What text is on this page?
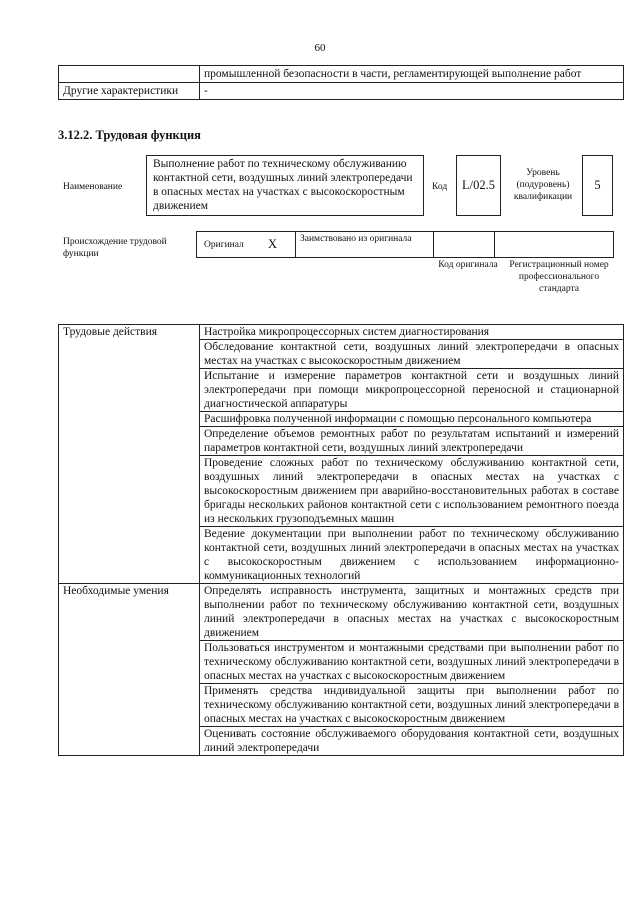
60
	промышленной безопасности в части, регламентирующей выполнение работ
Другие характеристики	-
3.12.2. Трудовая функция
Наименование
Выполнение работ по техническому обслуживанию контактной сети, воздушных линий электропередачи в опасных местах на участках с высокоскоростным движением
Код	L/02.5
Уровень (подуровень) квалификации
5
Происхождение трудовой функции
Оригинал X	Заимствовано из оригинала
Код оригинала	Регистрационный номер профессионального стандарта
Трудовые действия	Настройка микропроцессорных систем диагностирования
	Обследование контактной сети, воздушных линий электропередачи в опасных местах на участках с высокоскоростным движением
	Испытание и измерение параметров контактной сети и воздушных линий электропередачи при помощи микропроцессорной переносной и стационарной диагностической аппаратуры
	Расшифровка полученной информации с помощью персонального компьютера
	Определение объемов ремонтных работ по результатам испытаний и измерений параметров контактной сети, воздушных линий электропередачи
	Проведение сложных работ по техническому обслуживанию контактной сети, воздушных линий электропередачи в опасных местах на участках с высокоскоростным движением при аварийно-восстановительных работах в составе бригады нескольких районов контактной сети с использованием ремонтного поезда из нескольких грузоподъемных машин
	Ведение документации при выполнении работ по техническому обслуживанию контактной сети, воздушных линий электропередачи в опасных местах на участках с высокоскоростным движением с использованием информационно-коммуникационных технологий
Необходимые умения	Определять исправность инструмента, защитных и монтажных средств при выполнении работ по техническому обслуживанию контактной сети, воздушных линий электропередачи в опасных местах на участках с высокоскоростным движением
	Пользоваться инструментом и монтажными средствами при выполнении работ по техническому обслуживанию контактной сети, воздушных линий электропередачи в опасных местах на участках с высокоскоростным движением
	Применять средства индивидуальной защиты при выполнении работ по техническому обслуживанию контактной сети, воздушных линий электропередачи в опасных местах на участках с высокоскоростным движением
	Оценивать состояние обслуживаемого оборудования контактной сети, воздушных линий электропередачи
